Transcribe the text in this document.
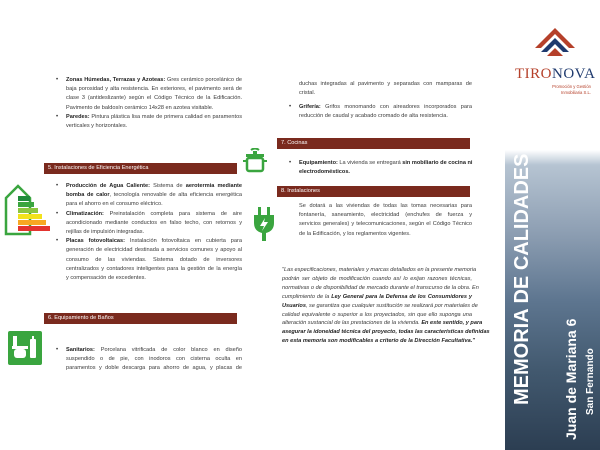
5. Instalaciones de Eficiencia Energética
6. Equipamiento de Baños
7. Cocinas
8. Instalaciones
TIRONOVA
Promoción y Gestión
Inmobiliaria S.L.
MEMORIA DE CALIDADES 2 Juan de Mariana 6 San Fernando
• Zonas Húmedas, Terrazas y Azoteas: Gres cerámico porcelánico de
baja porosidad y alta resistencia. En exteriores, el pavimento será de
clase 3 (antideslizante) según el Código Técnico de la Edificación.
Pavimento de baldosín cerámico 14x28 en azotea visitable.
• Paredes: Pintura plástica lisa mate de primera calidad en paramentos
verticales y horizontales.
• Producción de Agua Caliente: Sistema de aerotermia mediante
bomba de calor, tecnología renovable de alta eficiencia energética
para el ahorro en el consumo eléctrico.
• Climatización: Preinstalación completa para sistema de aire
acondicionado mediante conductos en falso techo, con retornos y
rejillas de impulsión integradas.
• Placas fotovoltaicas: Instalación fotovoltaica en cubierta para
generación de electricidad destinada a servicios comunes y apoyo al
consumo de las viviendas. Sistema dotado de inversores
centralizados y contadores inteligentes para la gestión de la energía
y compensación de excedentes.
• Sanitarios: Porcelana vitrificada de color blanco en diseño
suspendido o de pie, con inodoros con cisterna oculta en
paramentos y doble descarga para ahorro de agua, y placas de
duchas integradas al pavimento y separadas con mamparas de
cristal.
• Grifería: Grifos monomando con aireadores incorporados para
reducción de caudal y acabado cromado de alta resistencia.
• Equipamiento: La vivienda se entregará sin mobiliario de cocina ni
electrodomésticos.
Se dotará a las viviendas de todas las tomas necesarias para
fontanería, saneamiento, electricidad (enchufes de fuerza y
servicios generales) y telecomunicaciones, según el Código Técnico
de la Edificación, y los reglamentos vigentes.
"Las especificaciones, materiales y marcas detallados en la presente memoria
podrán ser objeto de modificación cuando así lo exijan razones técnicas,
normativas o de disponibilidad de mercado durante el transcurso de la obra. En
cumplimiento de la Ley General para la Defensa de los Consumidores y
Usuarios, se garantiza que cualquier sustitución se realizará por materiales de
calidad equivalente o superior a los proyectados, sin que ello suponga una
alteración sustancial de las prestaciones de la vivienda. En este sentido, y para
asegurar la idoneidad técnica del proyecto, todas las características definidas
en esta memoria son modificables a criterio de la Dirección Facultativa."
